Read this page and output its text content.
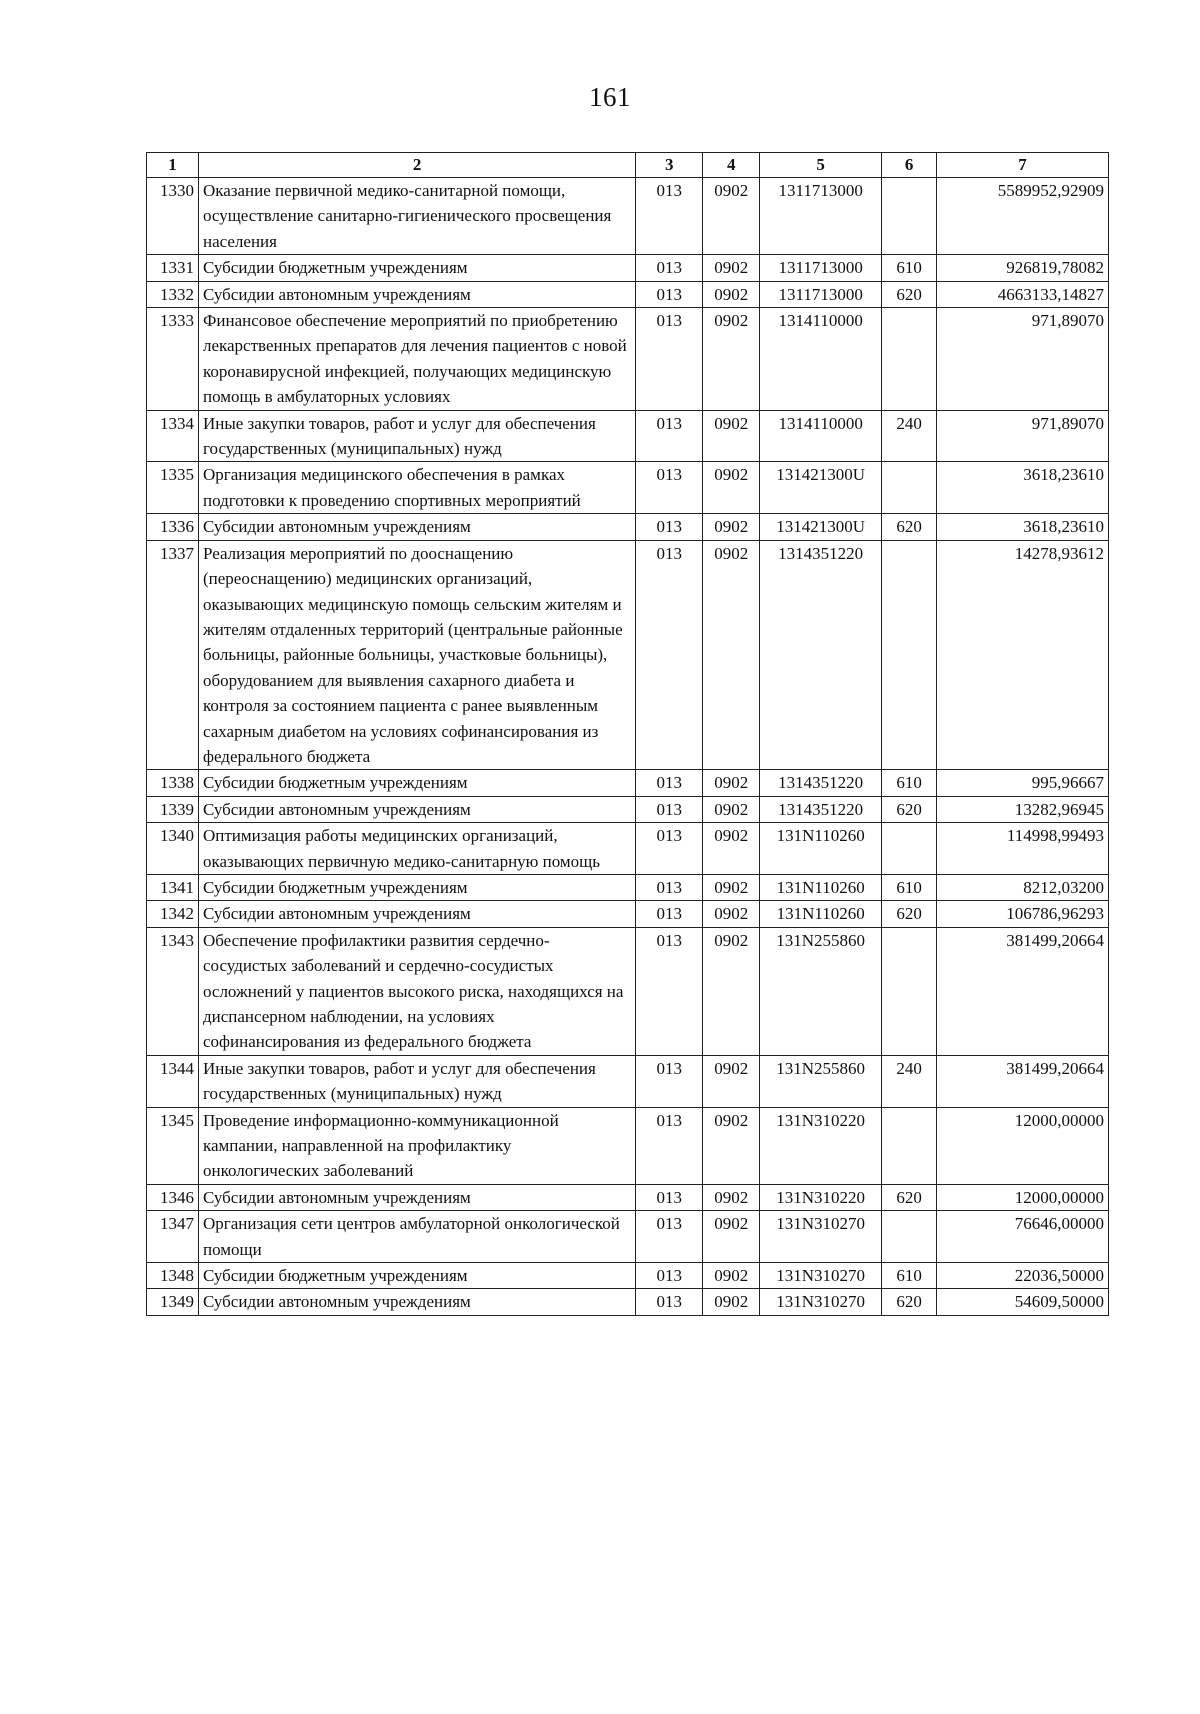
161
1	2	3	4	5	6	7
1330	Оказание первичной медико-санитарной помощи, осуществление санитарно-гигиенического просвещения населения	013	0902	1311713000		5589952,92909
1331	Субсидии бюджетным учреждениям	013	0902	1311713000	610	926819,78082
1332	Субсидии автономным учреждениям	013	0902	1311713000	620	4663133,14827
1333	Финансовое обеспечение мероприятий по приобретению лекарственных препаратов для лечения пациентов с новой коронавирусной инфекцией, получающих медицинскую помощь в амбулаторных условиях	013	0902	1314110000		971,89070
1334	Иные закупки товаров, работ и услуг для обеспечения государственных (муниципальных) нужд	013	0902	1314110000	240	971,89070
1335	Организация медицинского обеспечения в рамках подготовки к проведению спортивных мероприятий	013	0902	131421300U		3618,23610
1336	Субсидии автономным учреждениям	013	0902	131421300U	620	3618,23610
1337	Реализация мероприятий по дооснащению (переоснащению) медицинских организаций, оказывающих медицинскую помощь сельским жителям и жителям отдаленных территорий (центральные районные больницы, районные больницы, участковые больницы), оборудованием для выявления сахарного диабета и контроля за состоянием пациента с ранее выявленным сахарным диабетом на условиях софинансирования из федерального бюджета	013	0902	1314351220		14278,93612
1338	Субсидии бюджетным учреждениям	013	0902	1314351220	610	995,96667
1339	Субсидии автономным учреждениям	013	0902	1314351220	620	13282,96945
1340	Оптимизация работы медицинских организаций, оказывающих первичную медико-санитарную помощь	013	0902	131N110260		114998,99493
1341	Субсидии бюджетным учреждениям	013	0902	131N110260	610	8212,03200
1342	Субсидии автономным учреждениям	013	0902	131N110260	620	106786,96293
1343	Обеспечение профилактики развития сердечно-сосудистых заболеваний и сердечно-сосудистых осложнений у пациентов высокого риска, находящихся на диспансерном наблюдении, на условиях софинансирования из федерального бюджета	013	0902	131N255860		381499,20664
1344	Иные закупки товаров, работ и услуг для обеспечения государственных (муниципальных) нужд	013	0902	131N255860	240	381499,20664
1345	Проведение информационно-коммуникационной кампании, направленной на профилактику онкологических заболеваний	013	0902	131N310220		12000,00000
1346	Субсидии автономным учреждениям	013	0902	131N310220	620	12000,00000
1347	Организация сети центров амбулаторной онкологической помощи	013	0902	131N310270		76646,00000
1348	Субсидии бюджетным учреждениям	013	0902	131N310270	610	22036,50000
1349	Субсидии автономным учреждениям	013	0902	131N310270	620	54609,50000
